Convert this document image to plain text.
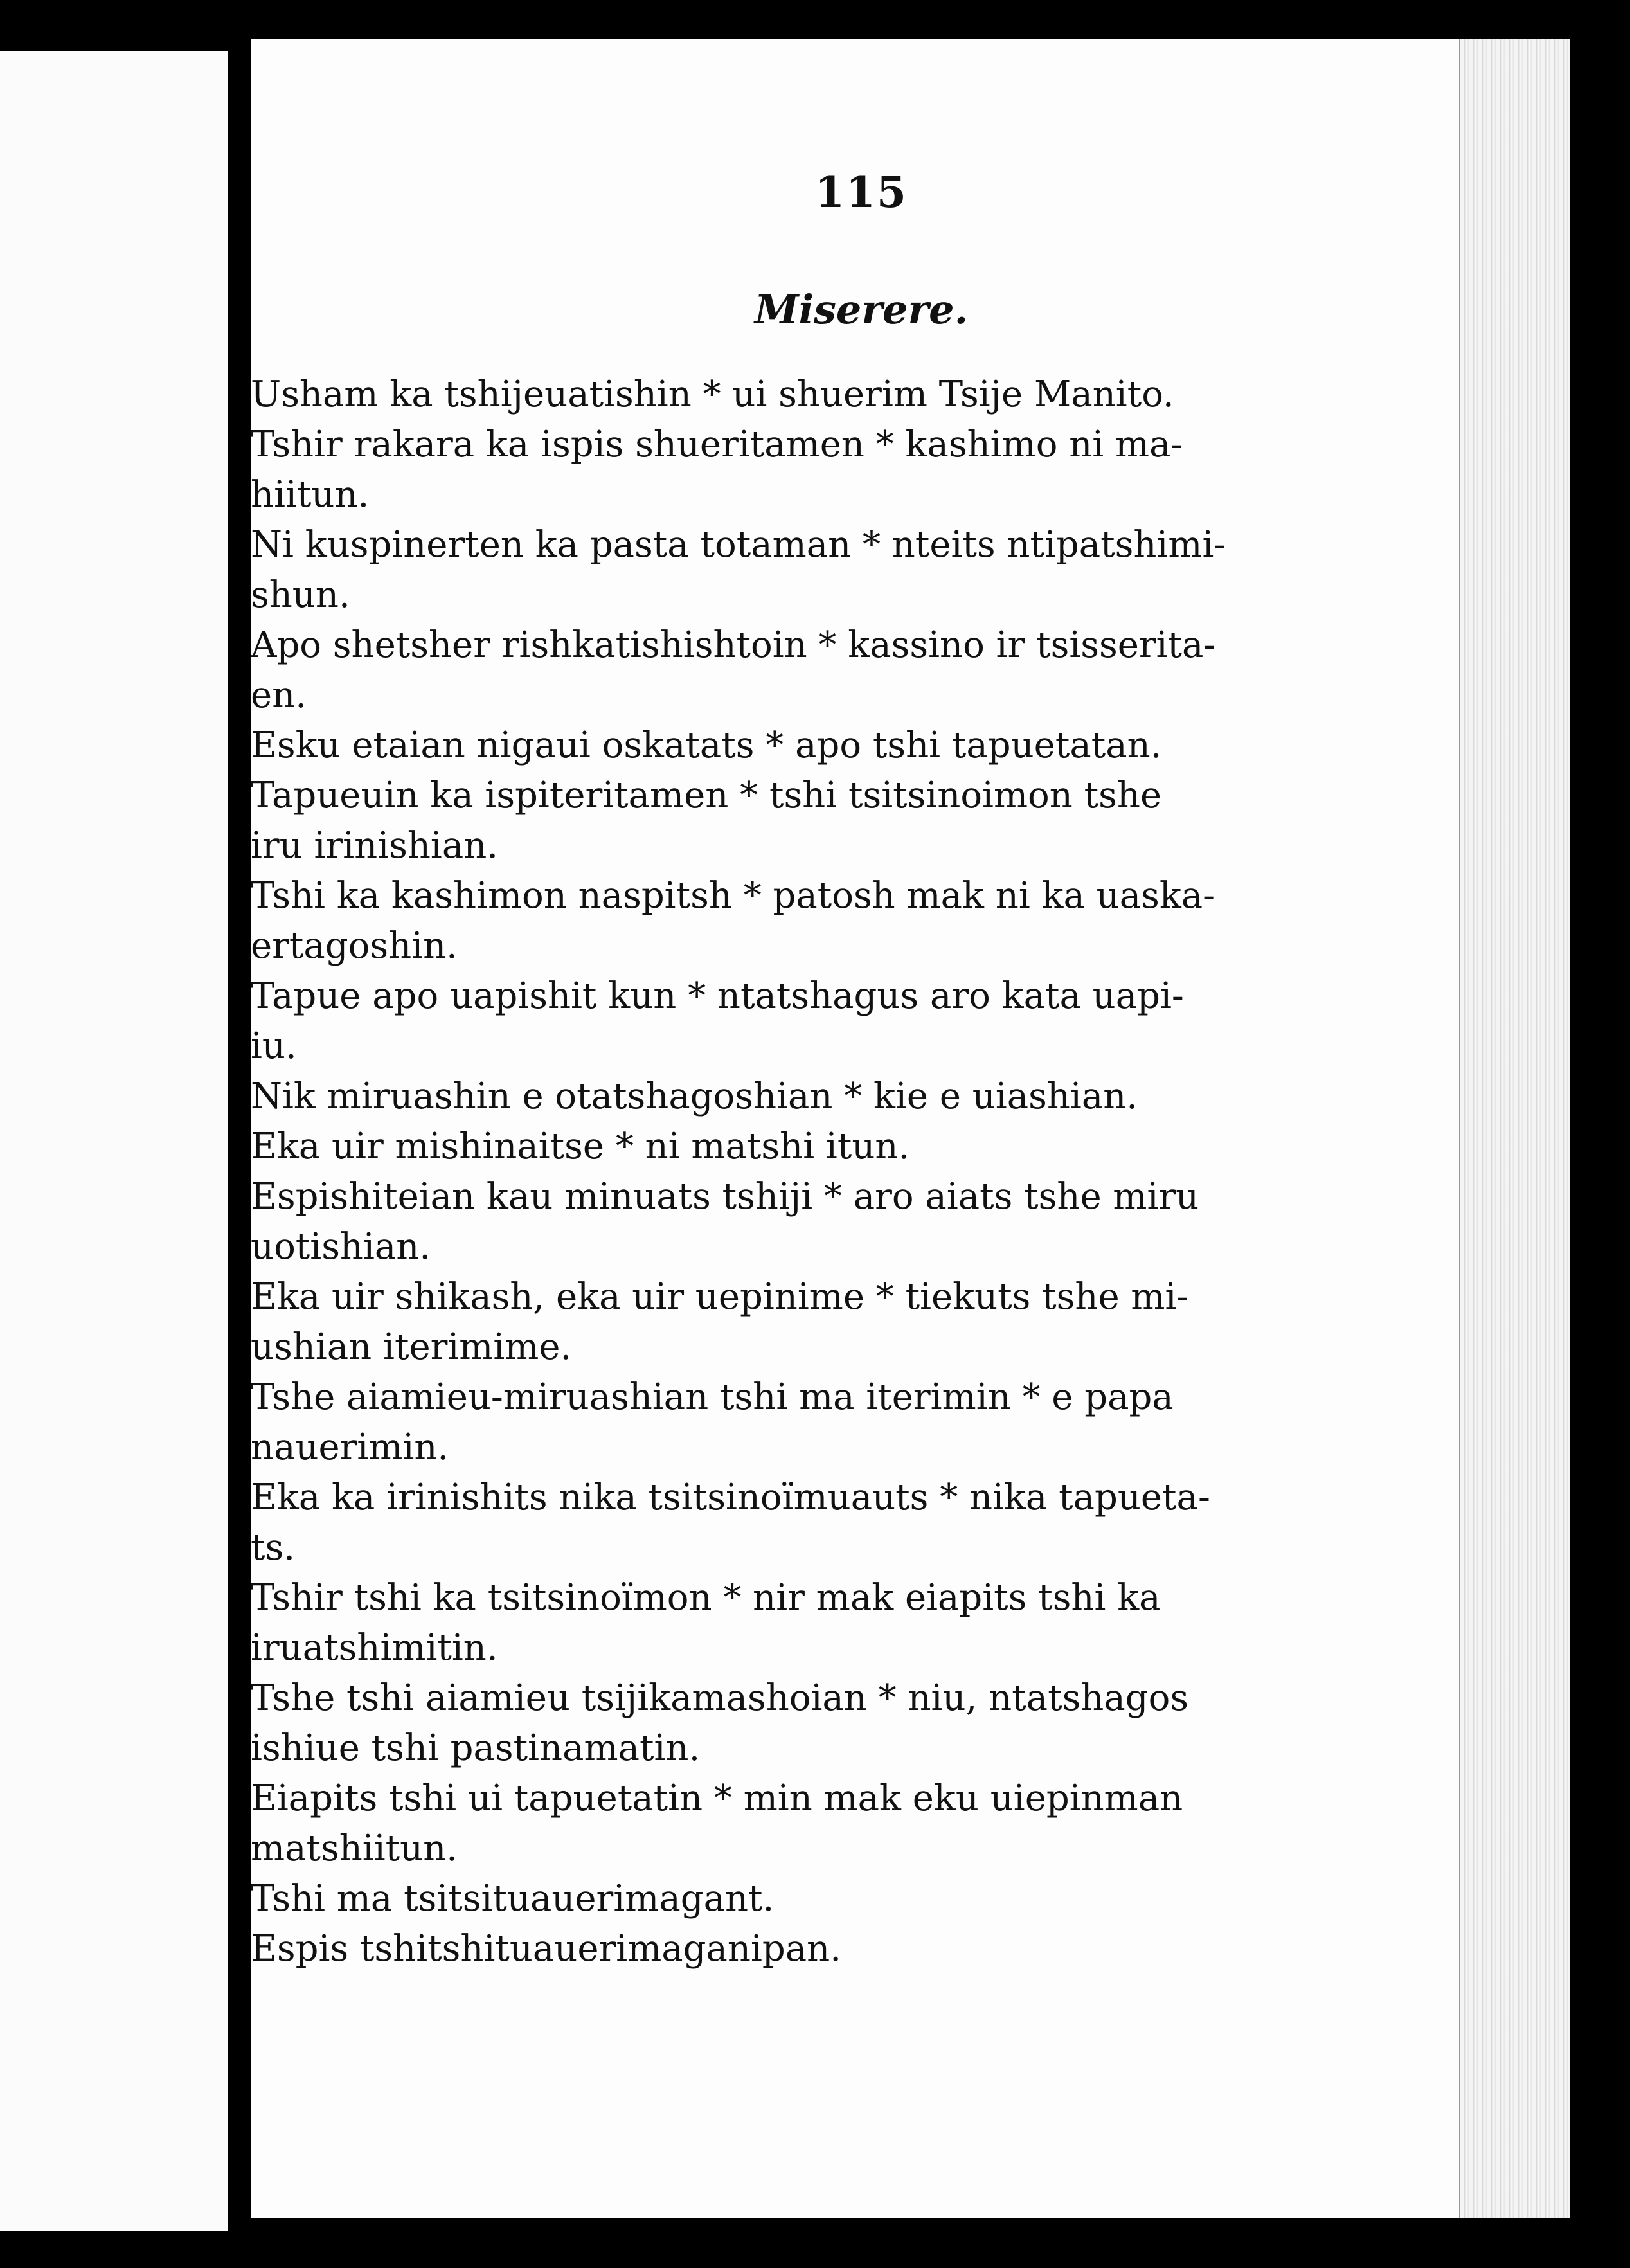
115
Miserere.
Usham ka tshijeuatishin * ui shuerim Tsije Manito.
Tshir rakara ka ispis shueritamen * kashimo ni ma-
hiitun.
Ni kuspinerten ka pasta totaman * nteits ntipatshimi-
shun.
Apo shetsher rishkatishishtoin * kassino ir tsisserita-
en.
Esku etaian nigaui oskatats * apo tshi tapuetatan.
Tapueuin ka ispiteritamen * tshi tsitsinoimon tshe
iru irinishian.
Tshi ka kashimon naspitsh * patosh mak ni ka uaska-
ertagoshin.
Tapue apo uapishit kun * ntatshagus aro kata uapi-
iu.
Nik miruashin e otatshagoshian * kie e uiashian.
Eka uir mishinaitse * ni matshi itun.
Espishiteian kau minuats tshiji * aro aiats tshe miru
uotishian.
Eka uir shikash, eka uir uepinime * tiekuts tshe mi-
ushian iterimime.
Tshe aiamieu-miruashian tshi ma iterimin * e papa
nauerimin.
Eka ka irinishits nika tsitsinoïmuauts * nika tapueta-
ts.
Tshir tshi ka tsitsinoïmon * nir mak eiapits tshi ka
iruatshimitin.
Tshe tshi aiamieu tsijikamashoian * niu, ntatshagos
ishiue tshi pastinamatin.
Eiapits tshi ui tapuetatin * min mak eku uiepinman
matshiitun.
Tshi ma tsitsituauerimagant.
Espis tshitshituauerimaganipan.
